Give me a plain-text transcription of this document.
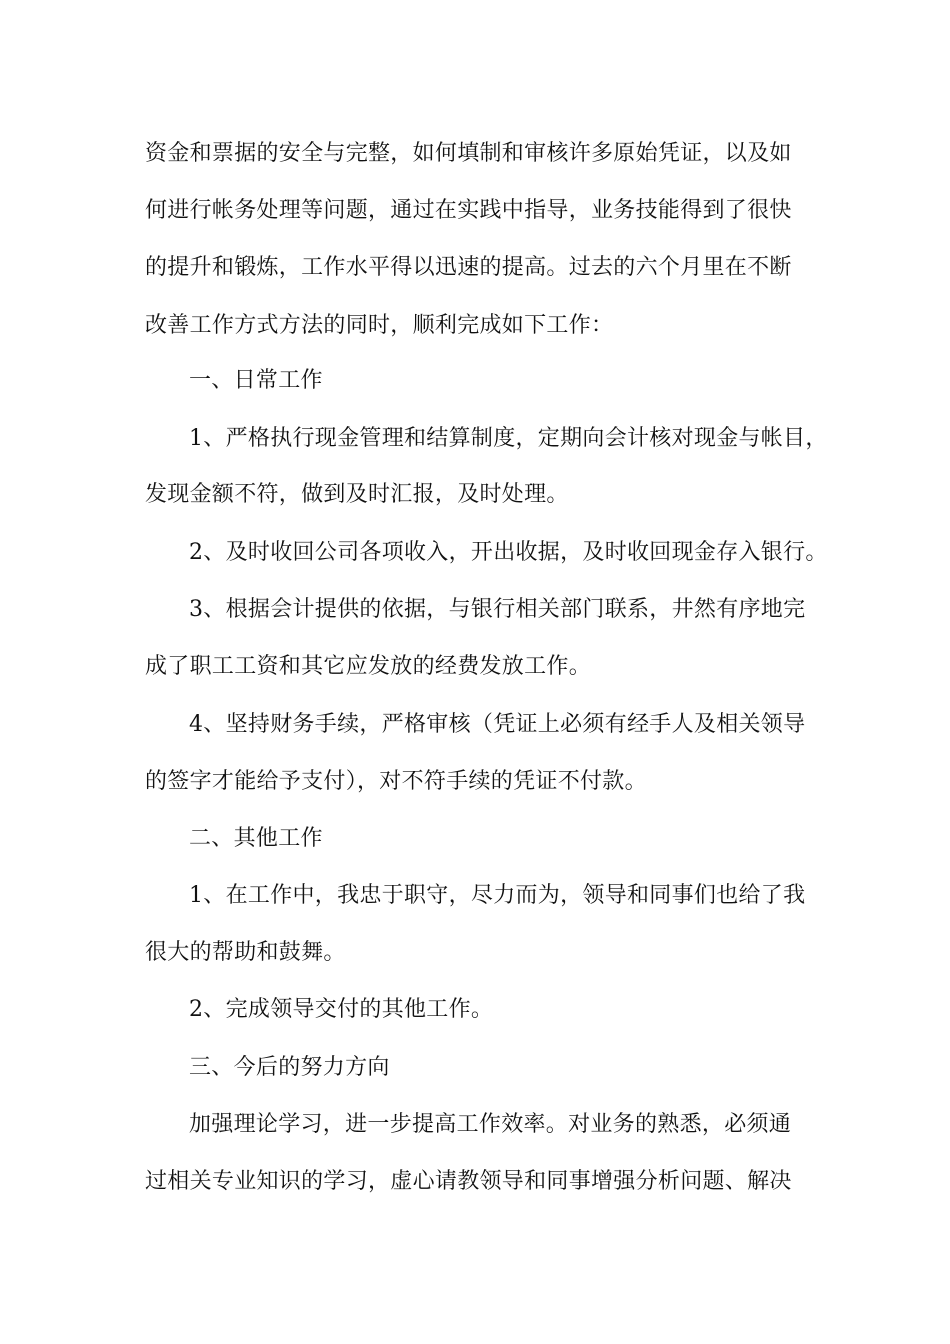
资金和票据的安全与完整，如何填制和审核许多原始凭证，以及如
何进行帐务处理等问题，通过在实践中指导，业务技能得到了很快
的提升和锻炼，工作水平得以迅速的提高。过去的六个月里在不断
改善工作方式方法的同时，顺利完成如下工作：
一、日常工作
1、严格执行现金管理和结算制度，定期向会计核对现金与帐目，
发现金额不符，做到及时汇报，及时处理。
2、及时收回公司各项收入，开出收据，及时收回现金存入银行。
3、根据会计提供的依据，与银行相关部门联系，井然有序地完
成了职工工资和其它应发放的经费发放工作。
4、坚持财务手续，严格审核（凭证上必须有经手人及相关领导
的签字才能给予支付），对不符手续的凭证不付款。
二、其他工作
1、在工作中，我忠于职守，尽力而为，领导和同事们也给了我
很大的帮助和鼓舞。
2、完成领导交付的其他工作。
三、今后的努力方向
加强理论学习，进一步提高工作效率。对业务的熟悉，必须通
过相关专业知识的学习，虚心请教领导和同事增强分析问题、解决
